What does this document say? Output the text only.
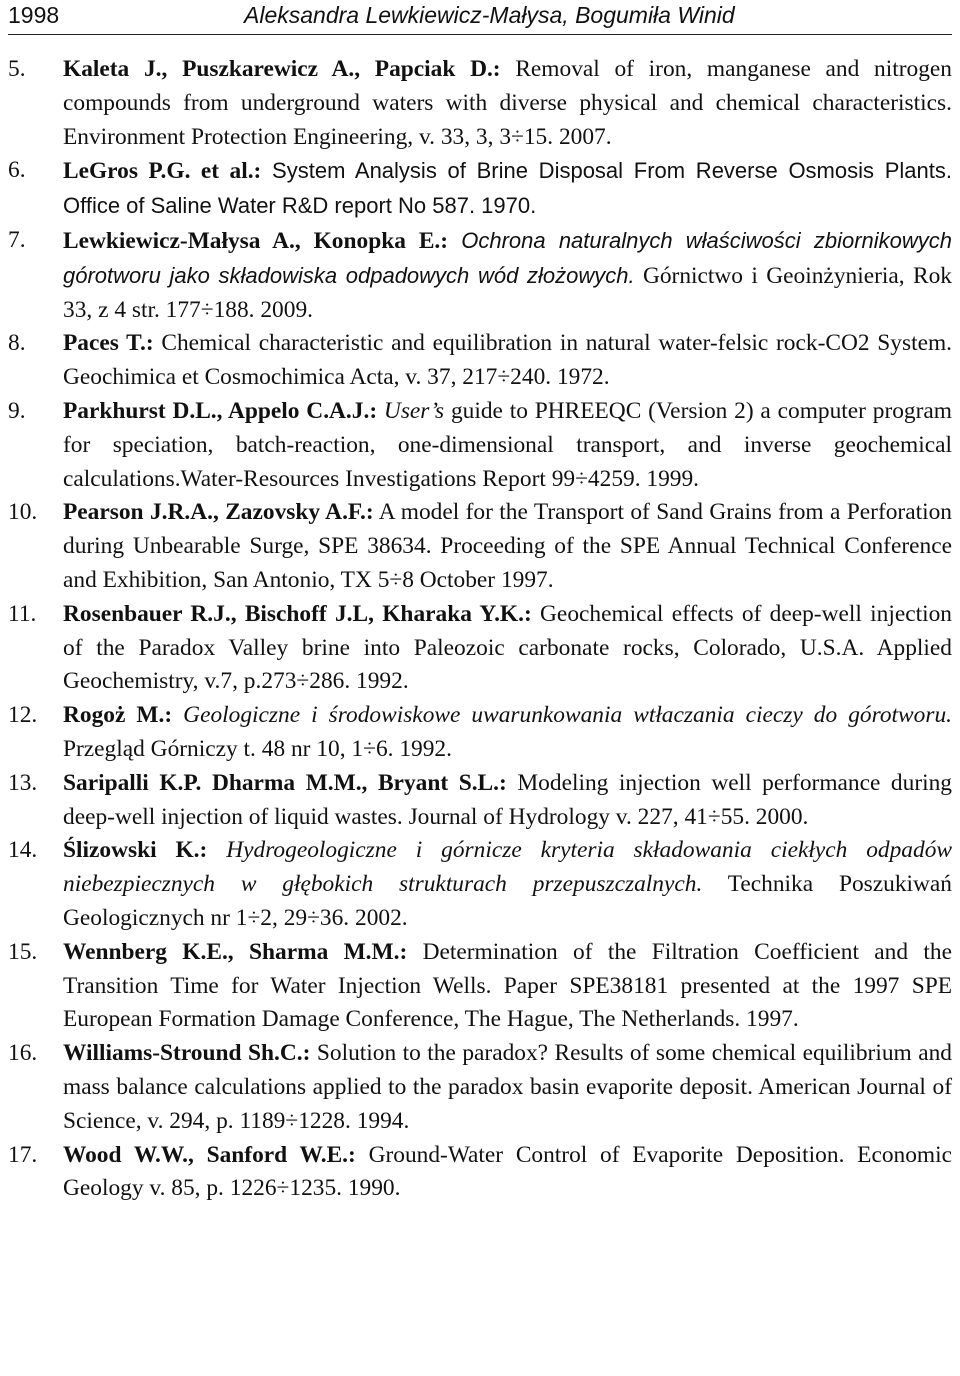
1998	Aleksandra Lewkiewicz-Małysa, Bogumiła Winid
5. Kaleta J., Puszkarewicz A., Papciak D.: Removal of iron, manganese and nitrogen compounds from underground waters with diverse physical and chemical characteristics. Environment Protection Engineering, v. 33, 3, 3÷15. 2007.
6. LeGros P.G. et al.: System Analysis of Brine Disposal From Reverse Osmosis Plants. Office of Saline Water R&D report No 587. 1970.
7. Lewkiewicz-Małysa A., Konopka E.: Ochrona naturalnych właściwości zbiornikowych górotworu jako składowiska odpadowych wód złożowych. Górnictwo i Geoinżynieria, Rok 33, z 4 str. 177÷188. 2009.
8. Paces T.: Chemical characteristic and equilibration in natural water-felsic rock-CO2 System. Geochimica et Cosmochimica Acta, v. 37, 217÷240. 1972.
9. Parkhurst D.L., Appelo C.A.J.: User’s guide to PHREEQC (Version 2) a computer program for speciation, batch-reaction, one-dimensional transport, and inverse geochemical calculations.Water-Resources Investigations Report 99÷4259. 1999.
10. Pearson J.R.A., Zazovsky A.F.: A model for the Transport of Sand Grains from a Perforation during Unbearable Surge, SPE 38634. Proceeding of the SPE Annual Technical Conference and Exhibition, San Antonio, TX 5÷8 October 1997.
11. Rosenbauer R.J., Bischoff J.L, Kharaka Y.K.: Geochemical effects of deep-well injection of the Paradox Valley brine into Paleozoic carbonate rocks, Colorado, U.S.A. Applied Geochemistry, v.7, p.273÷286. 1992.
12. Rogoż M.: Geologiczne i środowiskowe uwarunkowania wtłaczania cieczy do górotworu. Przegląd Górniczy t. 48 nr 10, 1÷6. 1992.
13. Saripalli K.P. Dharma M.M., Bryant S.L.: Modeling injection well performance during deep-well injection of liquid wastes. Journal of Hydrology v. 227, 41÷55. 2000.
14. Ślizowski K.: Hydrogeologiczne i górnicze kryteria składowania ciekłych odpadów niebezpiecznych w głębokich strukturach przepuszczalnych. Technika Poszukiwań Geologicznych nr 1÷2, 29÷36. 2002.
15. Wennberg K.E., Sharma M.M.: Determination of the Filtration Coefficient and the Transition Time for Water Injection Wells. Paper SPE38181 presented at the 1997 SPE European Formation Damage Conference, The Hague, The Netherlands. 1997.
16. Williams-Stround Sh.C.: Solution to the paradox? Results of some chemical equilibrium and mass balance calculations applied to the paradox basin evaporite deposit. American Journal of Science, v. 294, p. 1189÷1228. 1994.
17. Wood W.W., Sanford W.E.: Ground-Water Control of Evaporite Deposition. Economic Geology v. 85, p. 1226÷1235. 1990.
